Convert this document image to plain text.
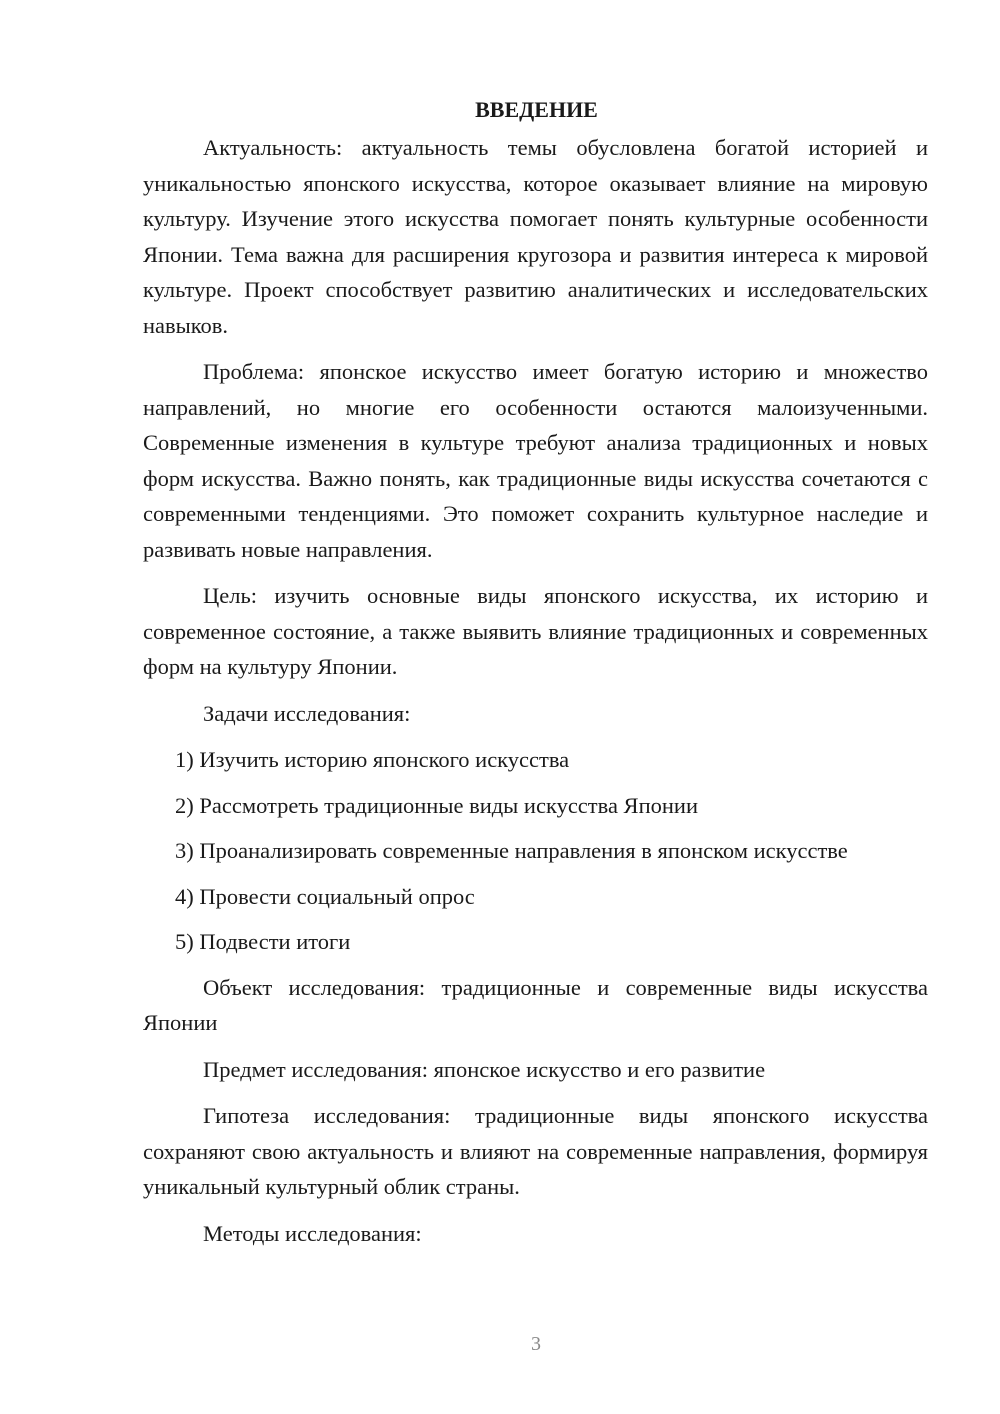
ВВЕДЕНИЕ

Актуальность: актуальность темы обусловлена богатой историей и уникальностью японского искусства, которое оказывает влияние на мировую культуру. Изучение этого искусства помогает понять культурные особенности Японии. Тема важна для расширения кругозора и развития интереса к мировой культуре. Проект способствует развитию аналитических и исследовательских навыков.

Проблема: японское искусство имеет богатую историю и множество направлений, но многие его особенности остаются малоизученными. Современные изменения в культуре требуют анализа традиционных и новых форм искусства. Важно понять, как традиционные виды искусства сочетаются с современными тенденциями. Это поможет сохранить культурное наследие и развивать новые направления.

Цель: изучить основные виды японского искусства, их историю и современное состояние, а также выявить влияние традиционных и современных форм на культуру Японии.

Задачи исследования:

1) Изучить историю японского искусства
2) Рассмотреть традиционные виды искусства Японии
3) Проанализировать современные направления в японском искусстве
4) Провести социальный опрос
5) Подвести итоги

Объект исследования: традиционные и современные виды искусства Японии

Предмет исследования: японское искусство и его развитие

Гипотеза исследования: традиционные виды японского искусства сохраняют свою актуальность и влияют на современные направления, формируя уникальный культурный облик страны.

Методы исследования:

3
